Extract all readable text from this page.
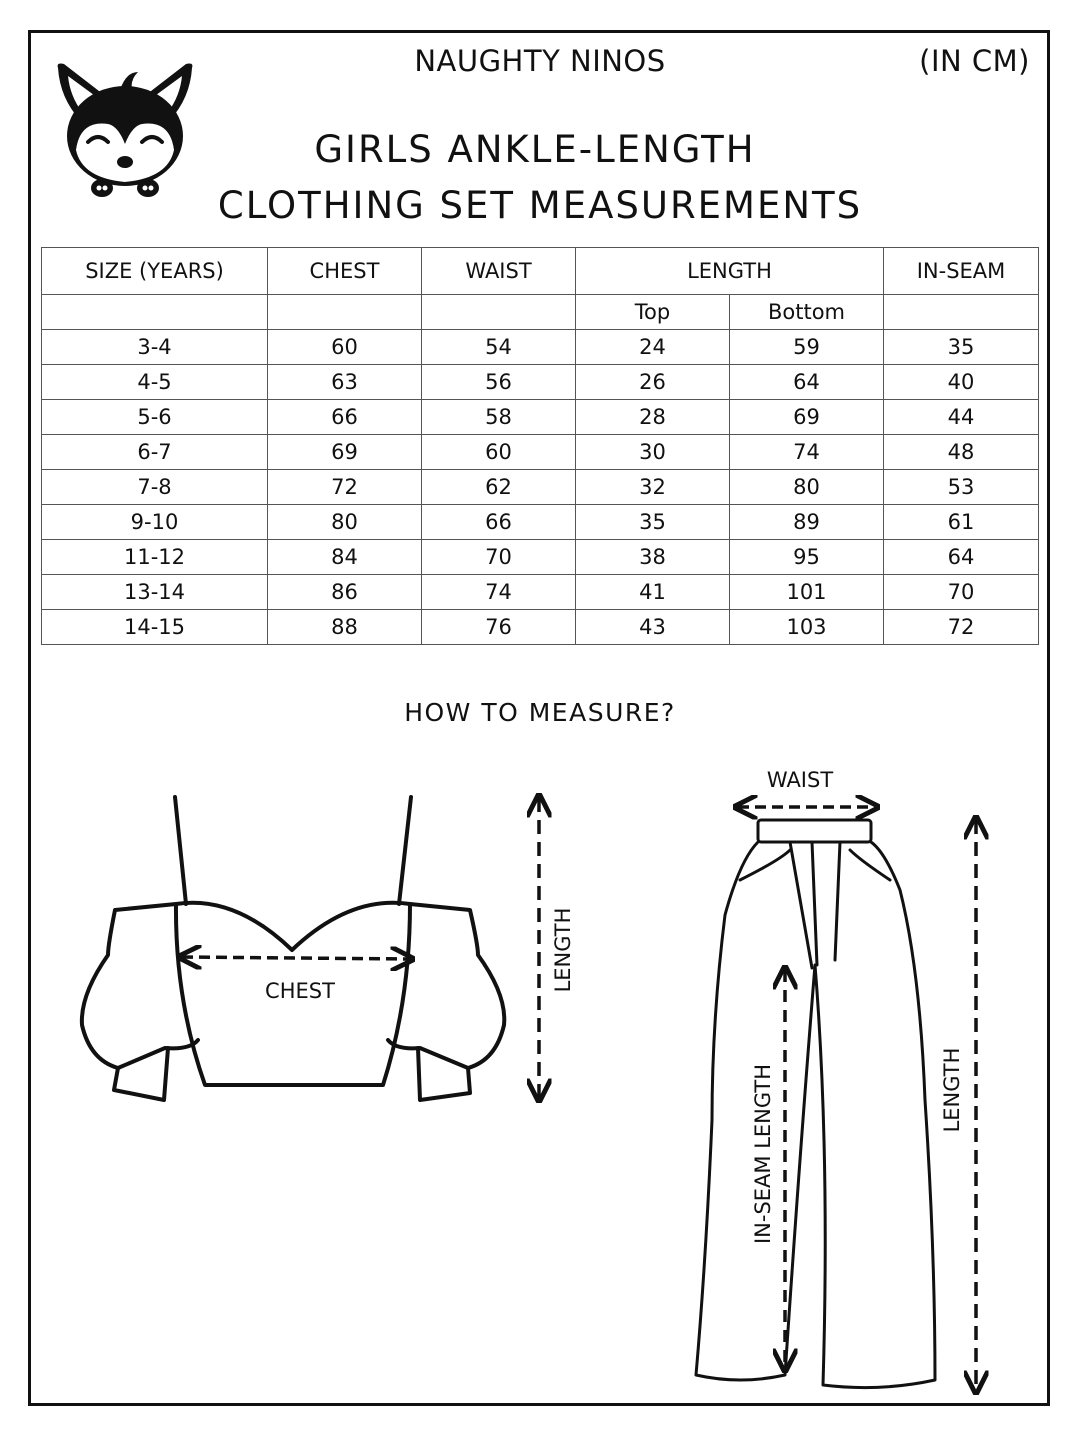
NAUGHTY NINOS	(IN CM)
GIRLS ANKLE-LENGTH
CLOTHING SET MEASUREMENTS
SIZE (YEARS)	CHEST	WAIST	LENGTH		IN-SEAM
			Top	Bottom	
3-4	60	54	24	59	35
4-5	63	56	26	64	40
5-6	66	58	28	69	44
6-7	69	60	30	74	48
7-8	72	62	32	80	53
9-10	80	66	35	89	61
11-12	84	70	38	95	64
13-14	86	74	41	101	70
14-15	88	76	43	103	72
HOW TO MEASURE?
CHEST	LENGTH
WAIST
IN-SEAM LENGTH	LENGTH
